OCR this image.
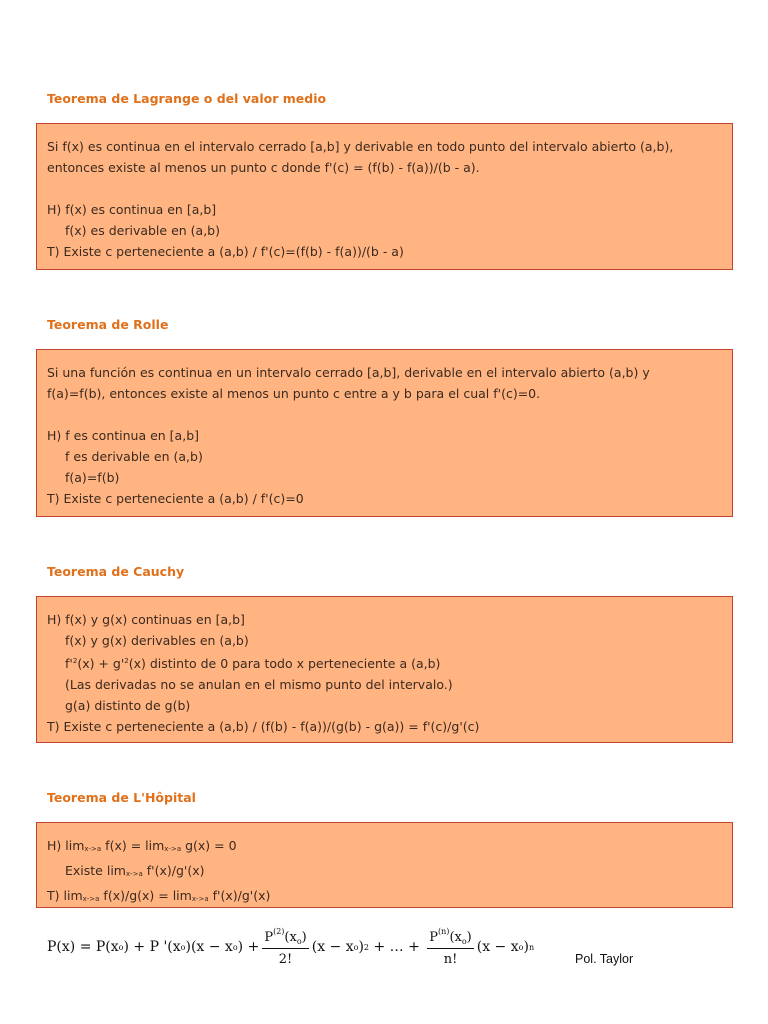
Teorema de Lagrange o del valor medio
Si f(x) es continua en el intervalo cerrado [a,b] y derivable en todo punto del intervalo abierto (a,b),
entonces existe al menos un punto c donde f'(c) = (f(b) - f(a))/(b - a).
H) f(x) es continua en [a,b]
f(x) es derivable en (a,b)
T) Existe c perteneciente a (a,b) / f'(c)=(f(b) - f(a))/(b - a)
Teorema de Rolle
Si una función es continua en un intervalo cerrado [a,b], derivable en el intervalo abierto (a,b) y
f(a)=f(b), entonces existe al menos un punto c entre a y b para el cual f'(c)=0.
H) f es continua en [a,b]
f es derivable en (a,b)
f(a)=f(b)
T) Existe c perteneciente a (a,b) / f'(c)=0
Teorema de Cauchy
H) f(x) y g(x) continuas en [a,b]
f(x) y g(x) derivables en (a,b)
$f'^2(x) + g'^2(x)$ distinto de 0 para todo x perteneciente a (a,b)
(Las derivadas no se anulan en el mismo punto del intervalo.)
g(a) distinto de g(b)
T) Existe c perteneciente a (a,b) / (f(b) - f(a))/(g(b) - g(a)) = f'(c)/g'(c)
Teorema de L'Hôpital
H) $\lim_{x->a} f(x) = \lim_{x->a} g(x) = 0$
Existe $\lim_{x->a} f'(x)/g'(x)$
T) $\lim_{x->a} f(x)/g(x) = \lim_{x->a} f'(x)/g'(x)$
P(x) = P(x o ) + P '(x o )(x − x o ) + $\frac{P^{(2)}(x_o)}{2!} (x - x$ o ) 2 + … + $\frac{P^{(n)}(x_o)}{n!} (x - x$ o ) n
Pol. Taylor
